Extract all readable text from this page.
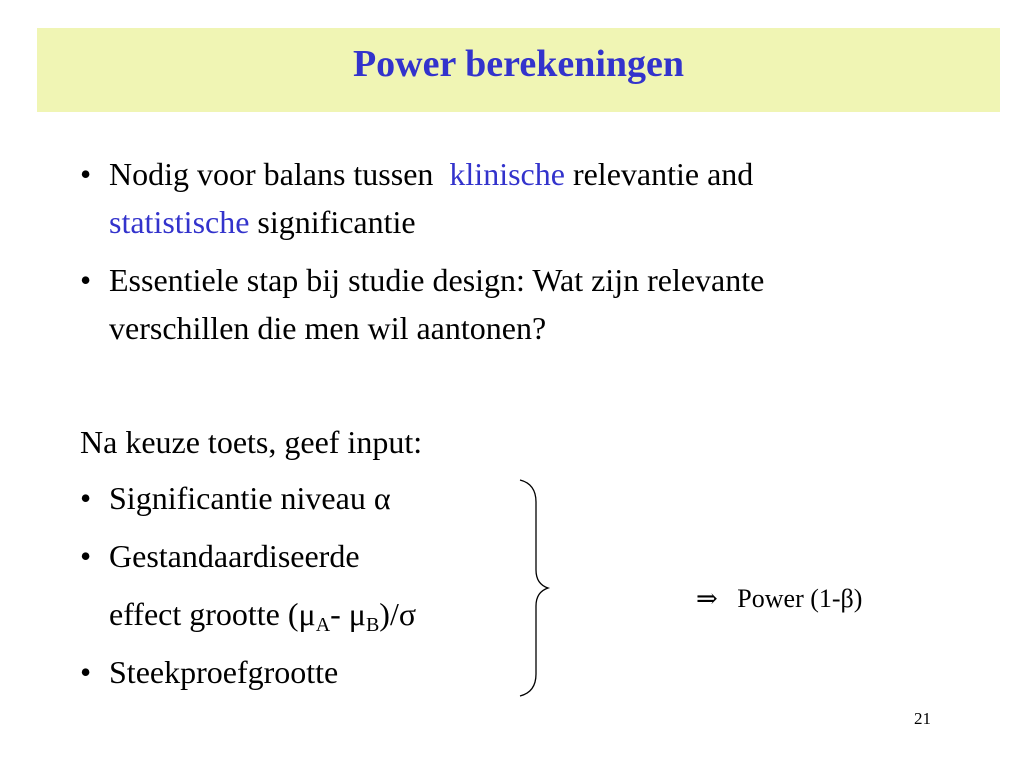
Power berekeningen
• Nodig voor balans tussen klinische relevantie and
statistische significantie
• Essentiele stap bij studie design: Wat zijn relevante
verschillen die men wil aantonen?
Na keuze toets, geef input:
• Significantie niveau α
• Gestandaardiseerde
effect grootte ($\mu_A-$ $\mu_B)/\sigma$
• Steekproefgrootte
⇒ Power (1-β)
21
